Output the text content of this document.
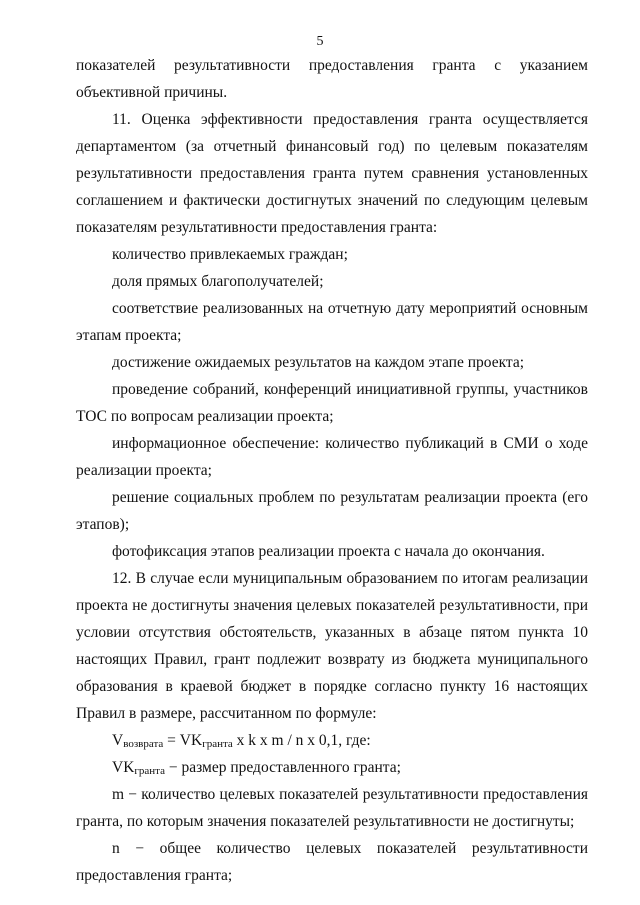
5

показателей результативности предоставления гранта с указанием объективной причины.

11. Оценка эффективности предоставления гранта осуществляется департаментом (за отчетный финансовый год) по целевым показателям результативности предоставления гранта путем сравнения установленных соглашением и фактически достигнутых значений по следующим целевым показателям результативности предоставления гранта:

количество привлекаемых граждан;

доля прямых благополучателей;

соответствие реализованных на отчетную дату мероприятий основным этапам проекта;

достижение ожидаемых результатов на каждом этапе проекта;

проведение собраний, конференций инициативной группы, участников ТОС по вопросам реализации проекта;

информационное обеспечение: количество публикаций в СМИ о ходе реализации проекта;

решение социальных проблем по результатам реализации проекта (его этапов);

фотофиксация этапов реализации проекта с начала до окончания.

12. В случае если муниципальным образованием по итогам реализации проекта не достигнуты значения целевых показателей результативности, при условии отсутствия обстоятельств, указанных в абзаце пятом пункта 10 настоящих Правил, грант подлежит возврату из бюджета муниципального образования в краевой бюджет в порядке согласно пункту 16 настоящих Правил в размере, рассчитанном по формуле:

$V_{возврата} = VK_{гранта}$ x k x m / n x 0,1, где:

$VK_{гранта}$ − размер предоставленного гранта;

m − количество целевых показателей результативности предоставления гранта, по которым значения показателей результативности не достигнуты;

n − общее количество целевых показателей результативности предоставления гранта;
